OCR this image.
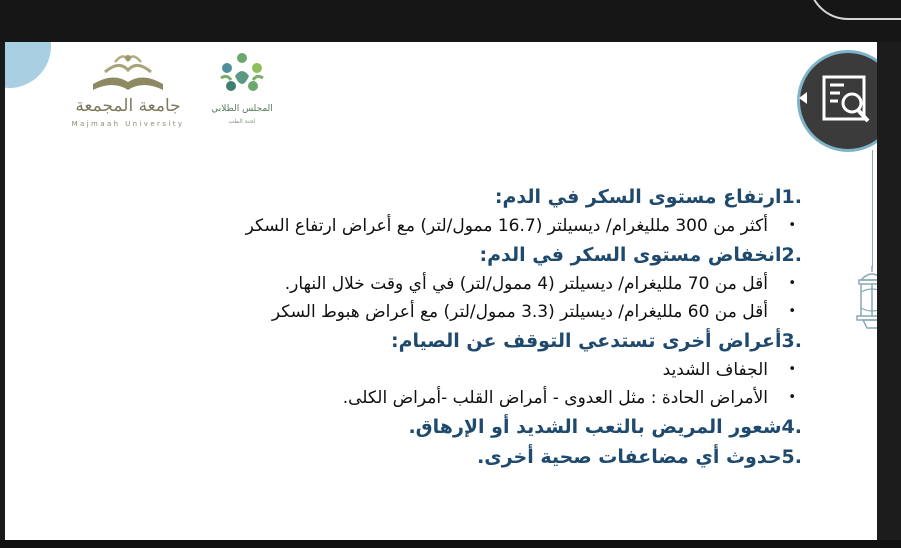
جامعة المجمعة
Majmaah University
المجلس الطلابي
لجنة الطب

1.ارتفاع مستوى السكر في الدم:

•
أكثر من 300 ملليغرام/ ديسيلتر (16.7 ممول/لتر) مع أعراض ارتفاع السكر

2.انخفاض مستوى السكر في الدم:

•
أقل من 70 ملليغرام/ ديسيلتر (4 ممول/لتر) في أي وقت خلال النهار.

•
أقل من 60 ملليغرام/ ديسيلتر (3.3 ممول/لتر) مع أعراض هبوط السكر

3.أعراض أخرى تستدعي التوقف عن الصيام:

•
الجفاف الشديد

•
الأمراض الحادة : مثل العدوى - أمراض القلب -أمراض الكلى.

4.شعور المريض بالتعب الشديد أو الإرهاق.

5.حدوث أي مضاعفات صحية أخرى.
